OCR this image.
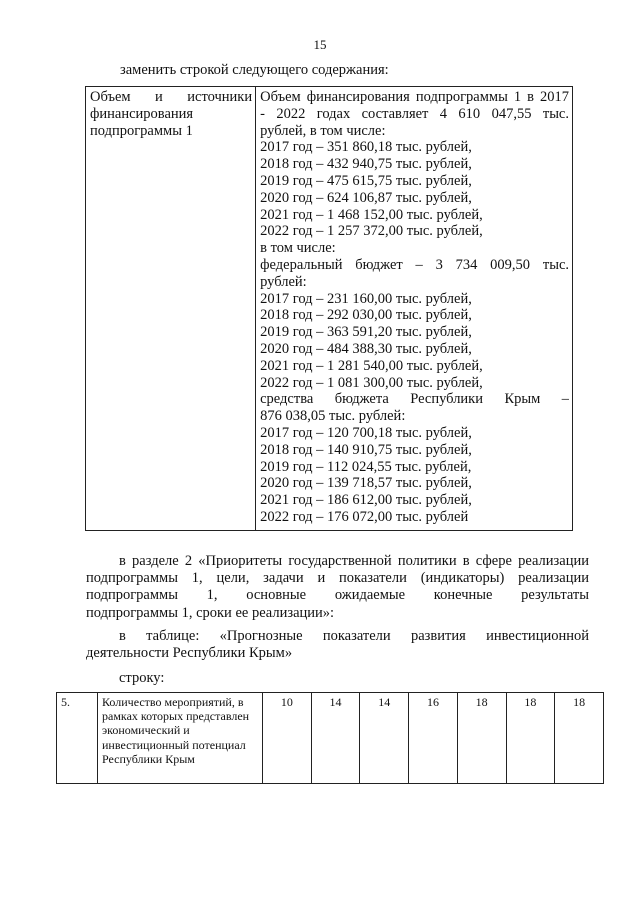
15
заменить строкой следующего содержания:
Объем и источники
финансирования
подпрограммы 1

Объем финансирования подпрограммы 1 в 2017
- 2022 годах составляет 4 610 047,55 тыс.
рублей, в том числе:
2017 год – 351 860,18 тыс. рублей,
2018 год – 432 940,75 тыс. рублей,
2019 год – 475 615,75 тыс. рублей,
2020 год – 624 106,87 тыс. рублей,
2021 год – 1 468 152,00 тыс. рублей,
2022 год – 1 257 372,00 тыс. рублей,
в том числе:
федеральный бюджет – 3 734 009,50 тыс.
рублей:
2017 год – 231 160,00 тыс. рублей,
2018 год – 292 030,00 тыс. рублей,
2019 год – 363 591,20 тыс. рублей,
2020 год – 484 388,30 тыс. рублей,
2021 год – 1 281 540,00 тыс. рублей,
2022 год – 1 081 300,00 тыс. рублей,
средства бюджета Республики Крым –
876 038,05 тыс. рублей:
2017 год – 120 700,18 тыс. рублей,
2018 год – 140 910,75 тыс. рублей,
2019 год – 112 024,55 тыс. рублей,
2020 год – 139 718,57 тыс. рублей,
2021 год – 186 612,00 тыс. рублей,
2022 год – 176 072,00 тыс. рублей
в разделе 2 «Приоритеты государственной политики в сфере реализации
подпрограммы 1, цели, задачи и показатели (индикаторы) реализации
подпрограммы 1, основные ожидаемые конечные результаты
подпрограммы 1, сроки ее реализации»:
в таблице: «Прогнозные показатели развития инвестиционной
деятельности Республики Крым»
строку:
5.	Количество мероприятий, в рамках которых представлен экономический и инвестиционный потенциал Республики Крым	10	14	14	16	18	18	18
